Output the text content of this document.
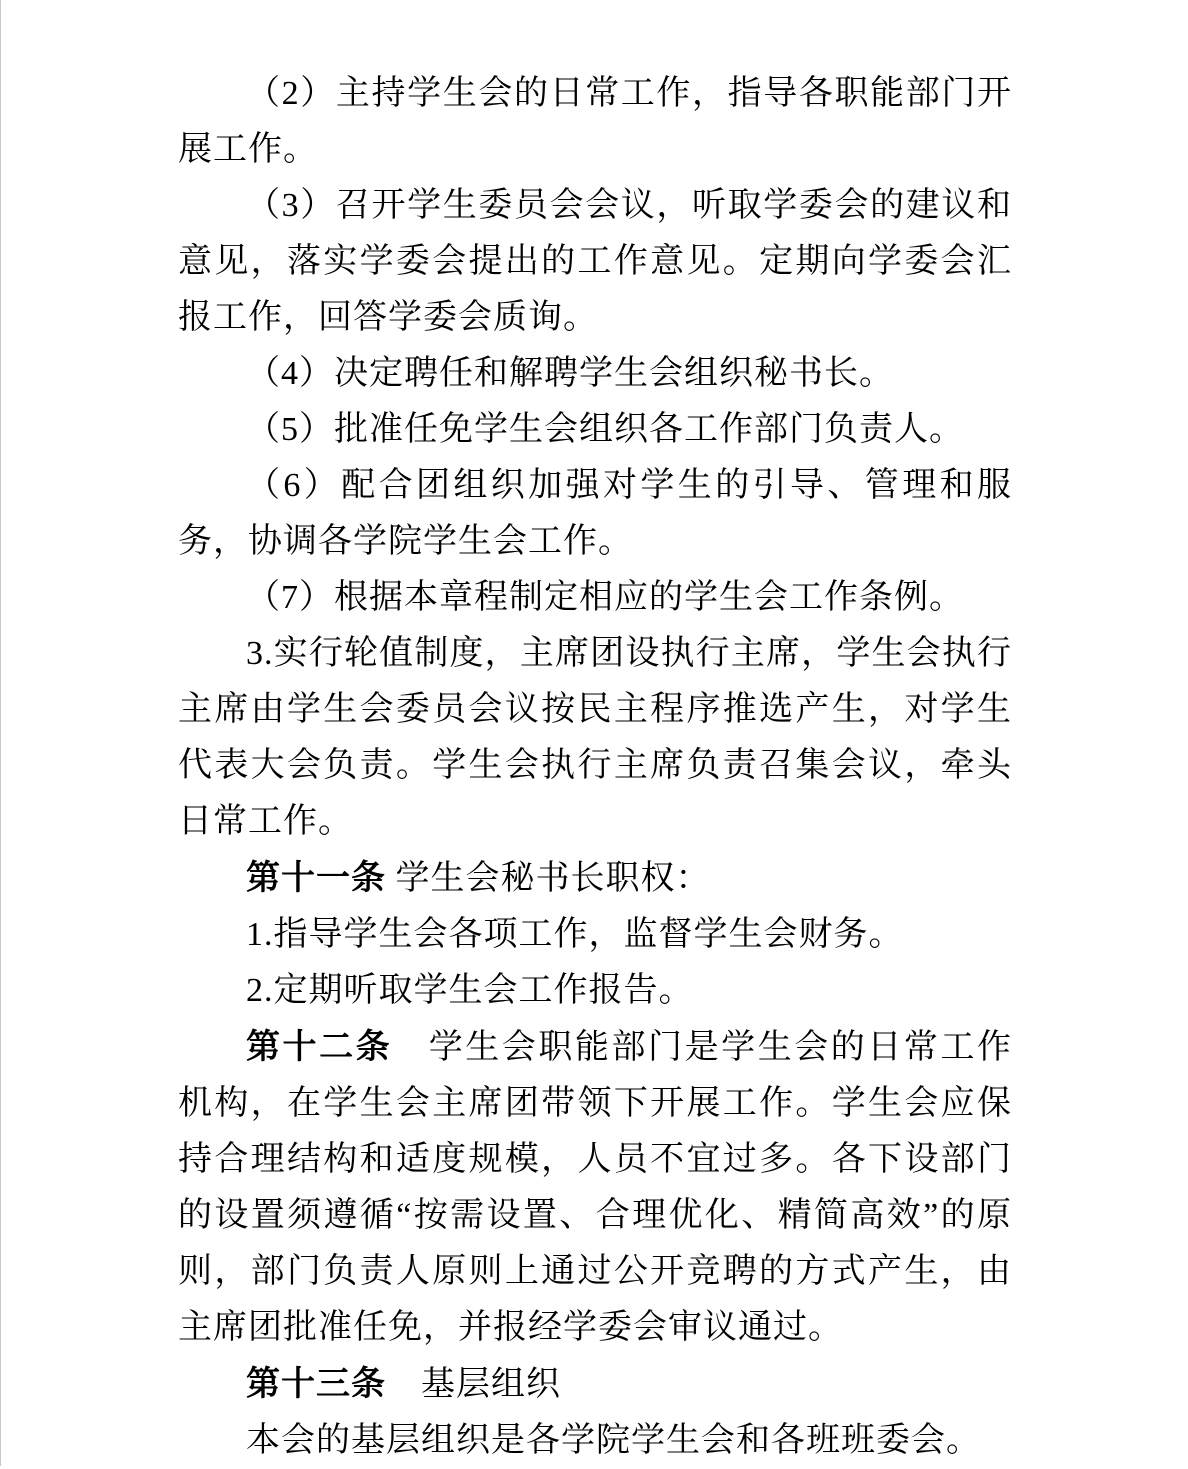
（2）主持学生会的日常工作，指导各职能部门开展工作。

（3）召开学生委员会会议，听取学委会的建议和意见，落实学委会提出的工作意见。定期向学委会汇报工作，回答学委会质询。

（4）决定聘任和解聘学生会组织秘书长。

（5）批准任免学生会组织各工作部门负责人。

（6）配合团组织加强对学生的引导、管理和服务，协调各学院学生会工作。

（7）根据本章程制定相应的学生会工作条例。

3.实行轮值制度，主席团设执行主席，学生会执行主席由学生会委员会议按民主程序推选产生，对学生代表大会负责。学生会执行主席负责召集会议，牵头日常工作。

第十一条 学生会秘书长职权：

1.指导学生会各项工作，监督学生会财务。

2.定期听取学生会工作报告。

第十二条　学生会职能部门是学生会的日常工作机构，在学生会主席团带领下开展工作。学生会应保持合理结构和适度规模，人员不宜过多。各下设部门的设置须遵循“按需设置、合理优化、精简高效”的原则，部门负责人原则上通过公开竞聘的方式产生，由主席团批准任免，并报经学委会审议通过。

第十三条　基层组织

本会的基层组织是各学院学生会和各班班委会。
